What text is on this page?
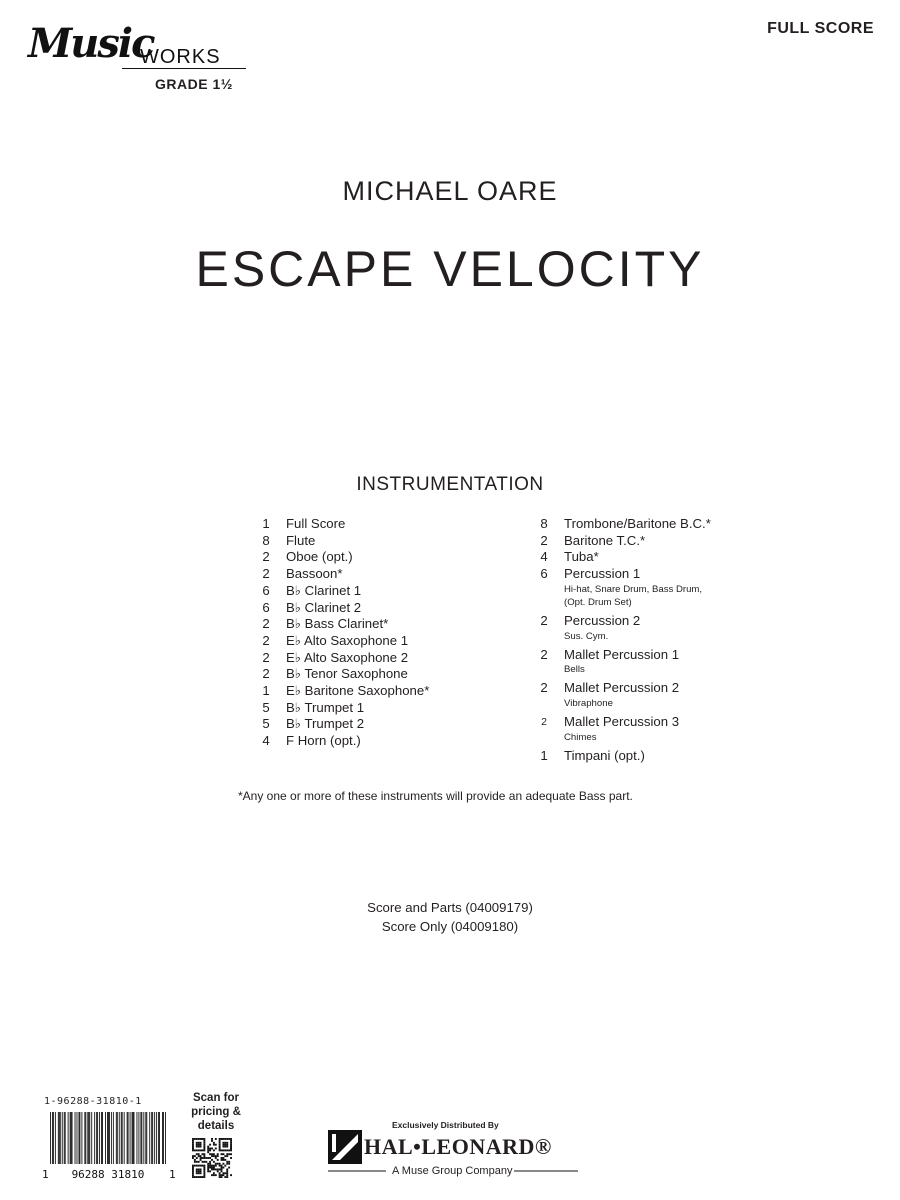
Music
WORKS
GRADE 1½
FULL SCORE
MICHAEL OARE
ESCAPE VELOCITY
INSTRUMENTATION
1	Full Score
8	Flute
2	Oboe (opt.)
2	Bassoon*
6	B♭ Clarinet 1
6	B♭ Clarinet 2
2	B♭ Bass Clarinet*
2	E♭ Alto Saxophone 1
2	E♭ Alto Saxophone 2
2	B♭ Tenor Saxophone
1	E♭ Baritone Saxophone*
5	B♭ Trumpet 1
5	B♭ Trumpet 2
4	F Horn (opt.)
8	Trombone/Baritone B.C.*
2	Baritone T.C.*
4	Tuba*
6	Percussion 1
Hi-hat, Snare Drum, Bass Drum,
(Opt. Drum Set)
2	Percussion 2
Sus. Cym.
2	Mallet Percussion 1
Bells
2	Mallet Percussion 2
Vibraphone
2	Mallet Percussion 3
Chimes
1	Timpani (opt.)
*Any one or more of these instruments will provide an adequate Bass part.
Score and Parts (04009179)
Score Only (04009180)
1-96288-31810-1
1 96288 31810 1
Scan for
pricing &
details	Exclusively Distributed By
HAL•LEONARD®
A Muse Group Company
